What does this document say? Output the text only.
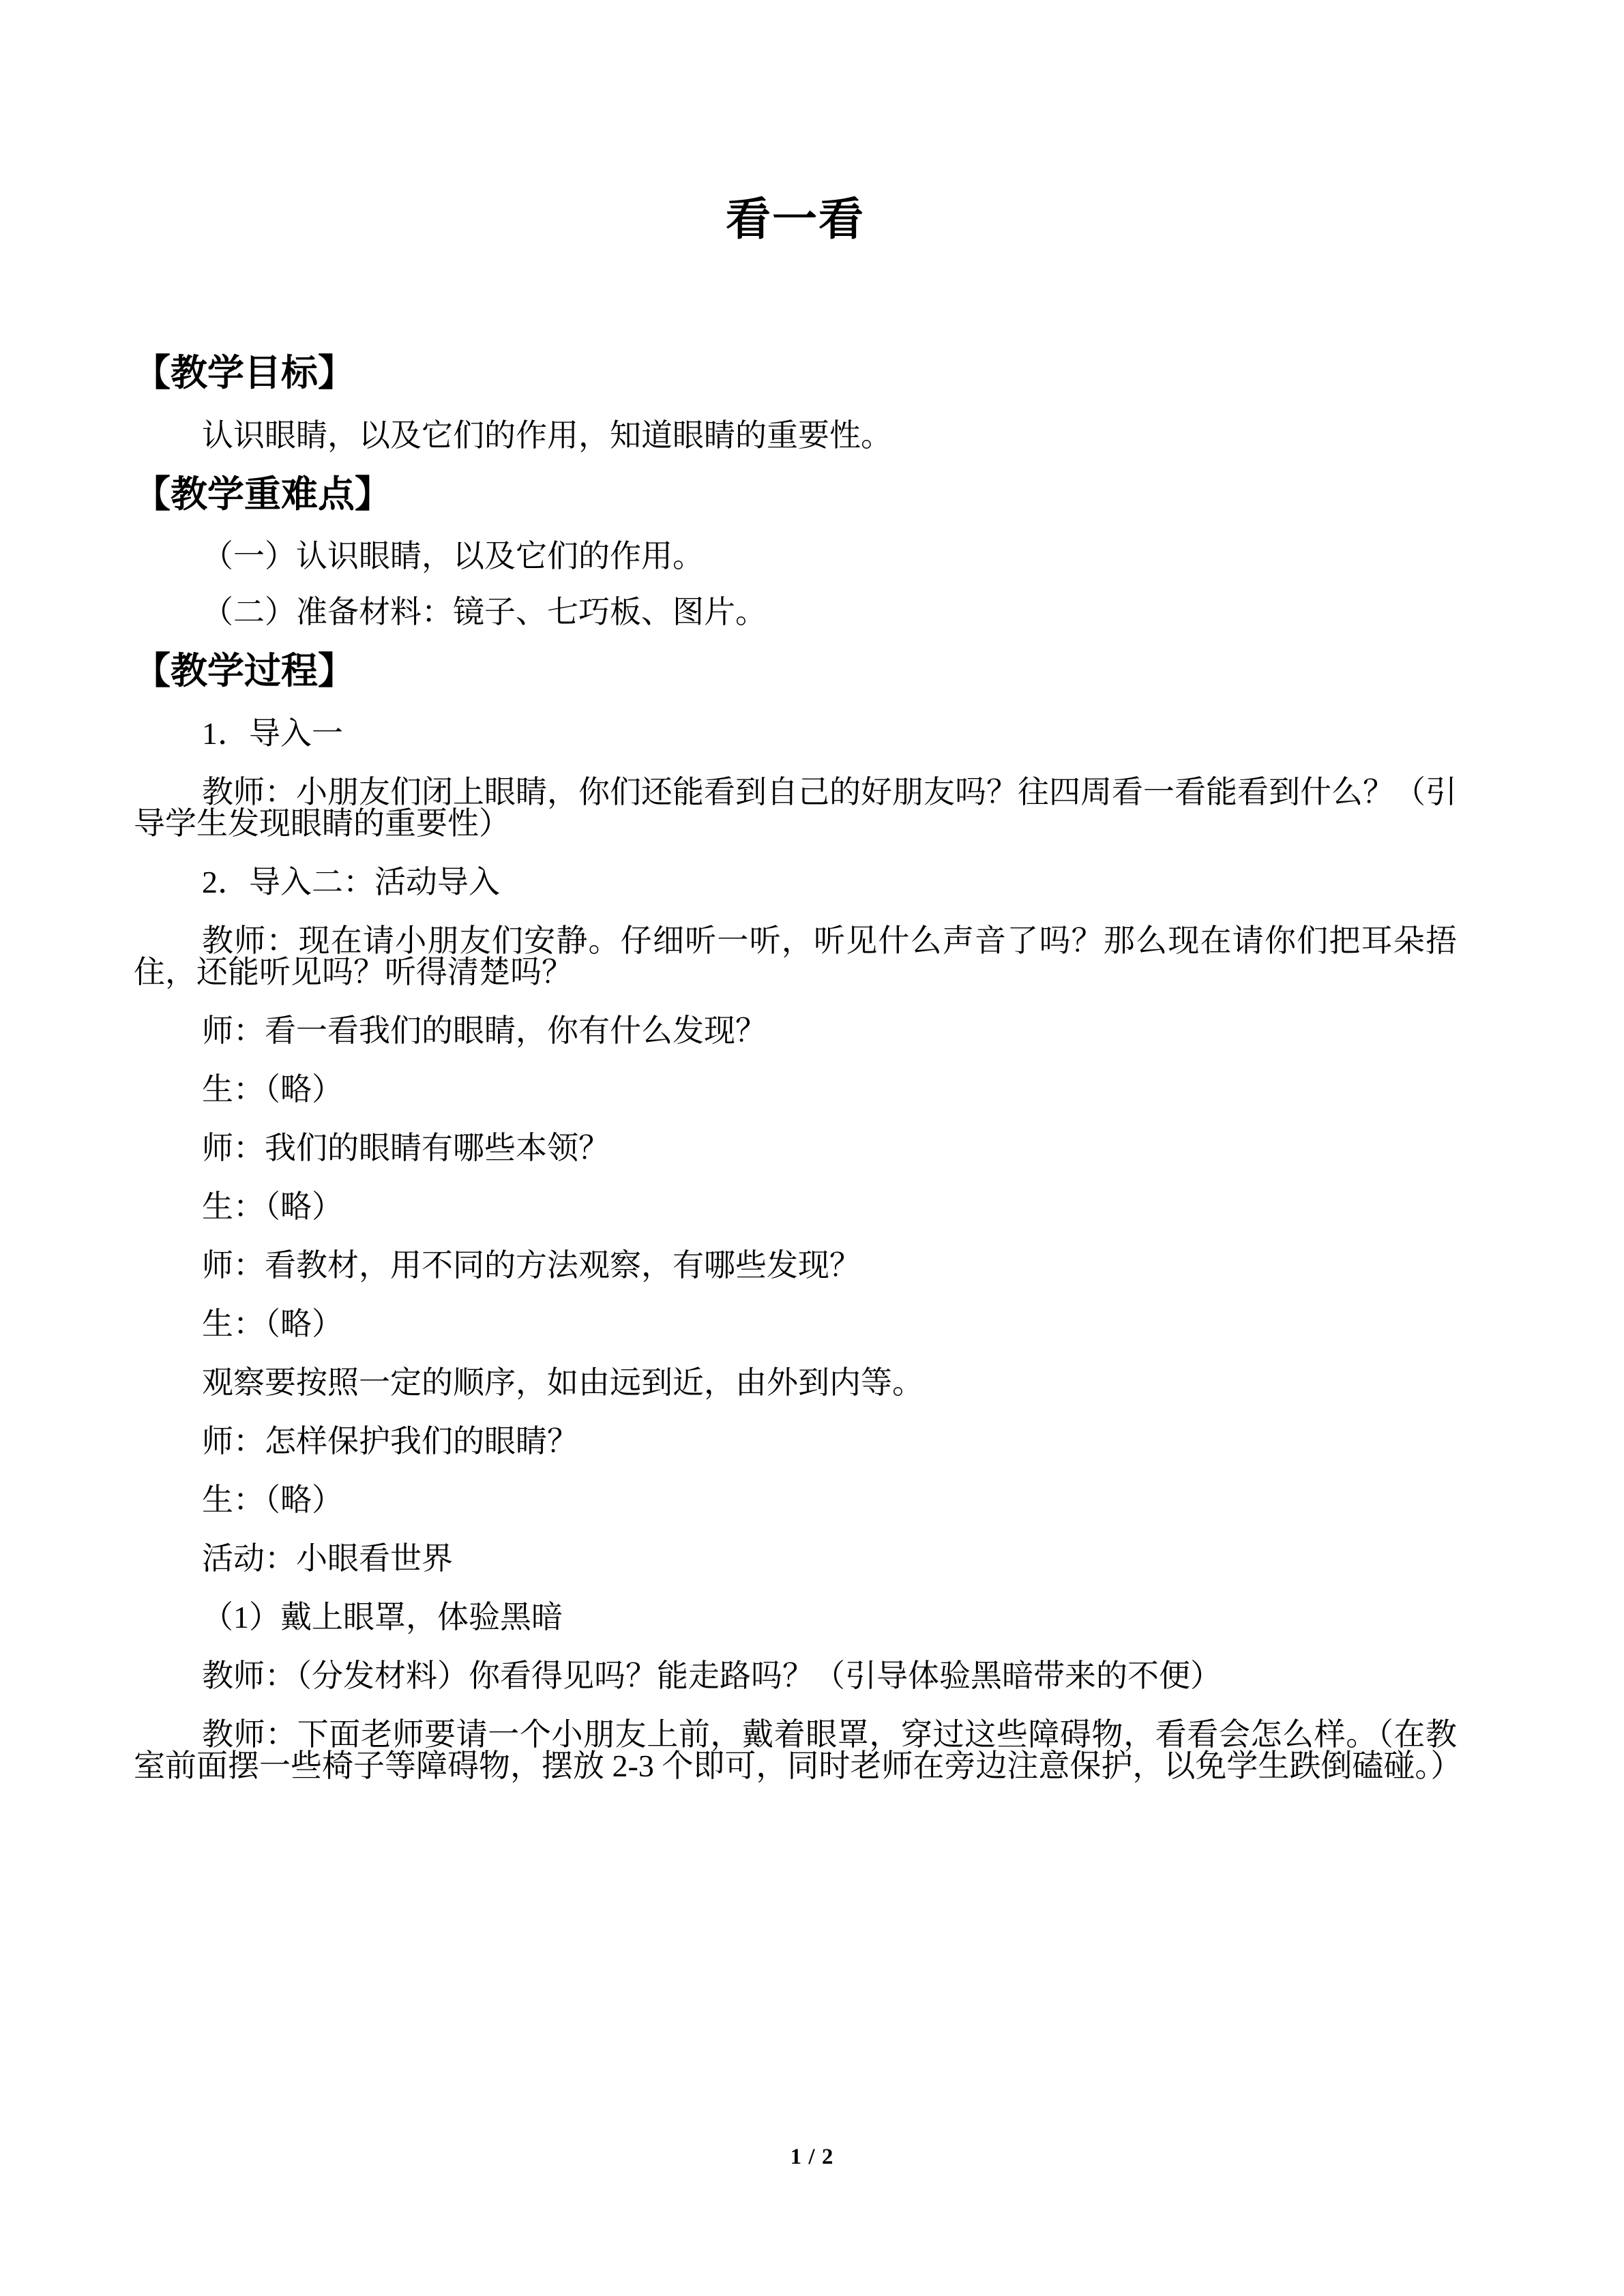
看一看
【教学目标】

认识眼睛，以及它们的作用，知道眼睛的重要性。

【教学重难点】

（一）认识眼睛，以及它们的作用。

（二）准备材料：镜子、七巧板、图片。

【教学过程】

1．导入一

教师：小朋友们闭上眼睛，你们还能看到自己的好朋友吗？往四周看一看能看到什么？（引导学生发现眼睛的重要性）

2．导入二：活动导入

教师：现在请小朋友们安静。仔细听一听，听见什么声音了吗？那么现在请你们把耳朵捂住，还能听见吗？听得清楚吗？

师：看一看我们的眼睛，你有什么发现？

生：（略）

师：我们的眼睛有哪些本领？

生：（略）

师：看教材，用不同的方法观察，有哪些发现？

生：（略）

观察要按照一定的顺序，如由远到近，由外到内等。

师：怎样保护我们的眼睛？

生：（略）

活动：小眼看世界

（1）戴上眼罩，体验黑暗

教师：（分发材料）你看得见吗？能走路吗？（引导体验黑暗带来的不便）

教师：下面老师要请一个小朋友上前，戴着眼罩，穿过这些障碍物，看看会怎么样。（在教室前面摆一些椅子等障碍物，摆放 2-3 个即可，同时老师在旁边注意保护，以免学生跌倒磕碰。）

1 / 2
